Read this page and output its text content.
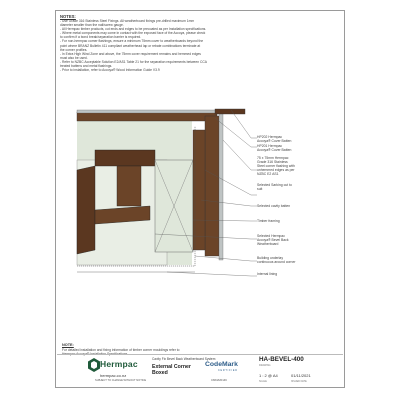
NOTES:
- Use Grade 316 Stainless Steel Fixings. All weatherboard fixings pre-drilled maximum 1mm
diameter smaller than the nail/screw gauge.
- All Hermpac timber products, cut ends and edges to be precoated as per Installation specifications.
- Where metal components may come in contact with the exposed face of the Accoya, please check
to confirm if a bond break/separation barrier is required.
- For non-hermpac corner flashings, ensure a minimum 75mm cover to weatherboards beyond the
point where BRANZ Bulletin 411 compliant weatherhead lap or rebate combinations terminate at
the corner profiles.
- In Extra High Wind Zone and above, the 75mm cover requirement remains and hemmed edges
must also be used.
- Refer to NZBC Acceptable Solution E2/AS1 Table 21 for the separation requirements between CCA
treated battens and metal flashings.
- Prior to installation, refer to Accoya® Wood Information Guide V3.9
HP202 Hermpac
Accoya® Cover Batten
HP201 Hermpac
Accoya® Cover Batten
75 x 75mm Hermpac
Grade 316 Stainless
Steel corner flashing with
unhemmed edges as per
NZBC E2 AS1
Selected Sarking cut to
suit
Selected cavity batten
Timber framing
Selected Hermpac
Accoya® Bevel Back
Weatherboard
Building underlay
continuous around corner
Internal lining
NOTE:
For detailed installation and fixing information of timber corner mouldings refer to
Hermpac Accoya® Installation Specifications
Hermpac
hermpac.co.nz
SUBJECT TO CHANGE WITHOUT NOTICE
Cavity Fix Bevel Back Weatherboard System
External Corner
Boxed
CodeMark
CERTIFIED
CMNZ20146
HA-BEVEL-400
DRAWING
1 : 2 @ A4	01/11/2021
SCALE	ISSUED DATE
